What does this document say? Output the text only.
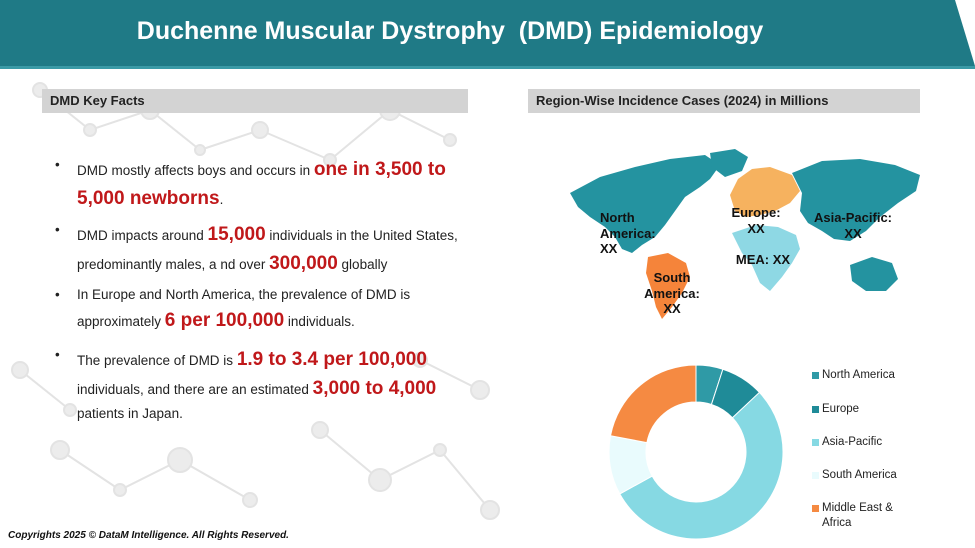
Duchenne Muscular Dystrophy  (DMD) Epidemiology
DMD Key Facts	Region-Wise Incidence Cases (2024) in Millions
• DMD mostly affects boys and occurs in one in 3,500 to 5,000 newborns.
• DMD impacts around 15,000 individuals in the United States, predominantly males, a nd over 300,000 globally
• In Europe and North America, the prevalence of DMD is approximately 6 per 100,000 individuals.
• The prevalence of DMD is 1.9 to 3.4 per 100,000 individuals, and there are an estimated 3,000 to 4,000 patients in Japan.
North America: XX
Europe: XX
Asia-Pacific: XX
MEA: XX
South America: XX
North America
Europe
Asia-Pacific
South America
Middle East & Africa
Copyrights 2025 © DataM Intelligence. All Rights Reserved.
